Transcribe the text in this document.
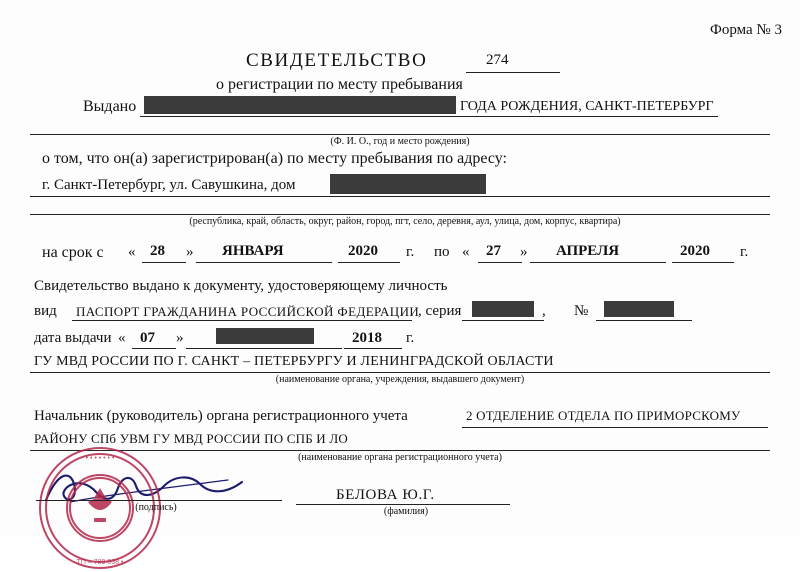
Форма № 3
СВИДЕТЕЛЬСТВО	274
о регистрации по месту пребывания
Выдано	ГОДА РОЖДЕНИЯ, САНКТ-ПЕТЕРБУРГ
(Ф. И. О., год и место рождения)
о том, что он(а) зарегистрирован(а) по месту пребывания по адресу:
г. Санкт-Петербург, ул. Савушкина, дом
(республика, край, область, округ, район, город, пгт, село, деревня, аул, улица, дом, корпус, квартира)
на срок с « 28 » ЯНВАРЯ	2020 г. по « 27 » АПРЕЛЯ	2020 г.
Свидетельство выдано к документу, удостоверяющему личность
вид ПАСПОРТ ГРАЖДАНИНА РОССИЙСКОЙ ФЕДЕРАЦИИ
, серия	, №
дата выдачи « 07 »	2018 г.
ГУ МВД РОССИИ ПО Г. САНКТ – ПЕТЕРБУРГУ И ЛЕНИНГРАДСКОЙ ОБЛАСТИ
(наименование органа, учреждения, выдавшего документ)
Начальник (руководитель) органа регистрационного учета	2 ОТДЕЛЕНИЕ ОТДЕЛА ПО ПРИМОРСКОМУ
РАЙОНУ СПб УВМ ГУ МВД РОССИИ ПО СПБ И ЛО
(наименование органа регистрационного учета)
• • • • • • •
ТП – 789 038 •
(подпись)
БЕЛОВА Ю.Г.
(фамилия)
